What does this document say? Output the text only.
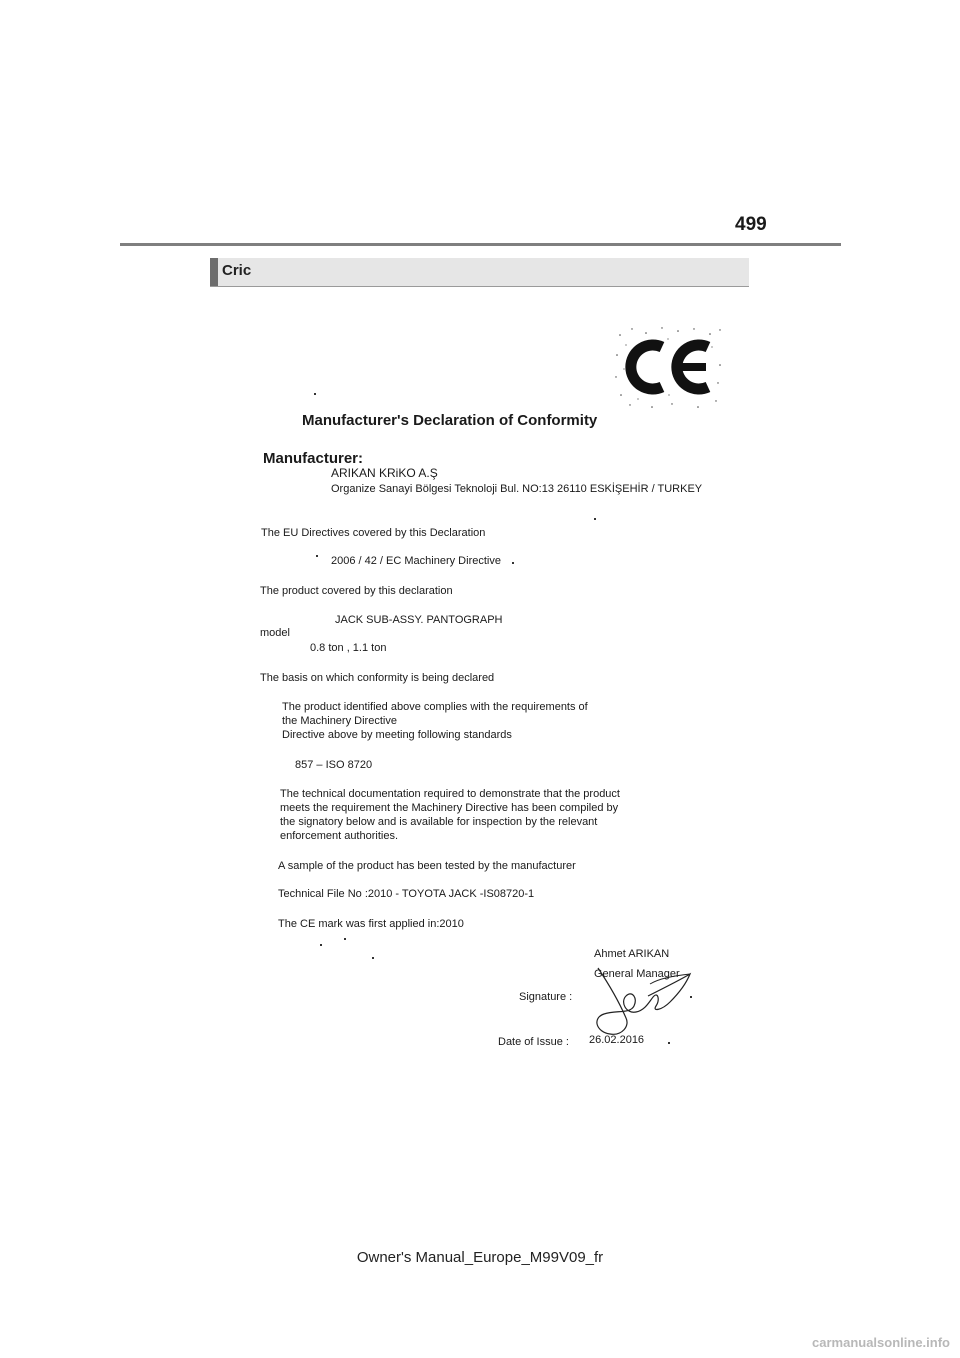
499
Cric
Manufacturer's Declaration of Conformity
Manufacturer:
ARIKAN KRiKO A.Ş
Organize Sanayi Bölgesi Teknoloji Bul. NO:13 26110 ESKİŞEHİR / TURKEY
The EU Directives covered by this Declaration
2006 / 42 / EC Machinery Directive
The product covered by this declaration
JACK SUB-ASSY. PANTOGRAPH
model
0.8 ton , 1.1 ton
The basis on which conformity is being declared
The product identified above complies with the requirements of
the Machinery Directive
Directive above by meeting following standards
857 – ISO 8720
The technical documentation required to demonstrate that the product
meets the requirement the Machinery Directive has been compiled by
the signatory below and is available for inspection by the relevant
enforcement authorities.
A sample of the product has been tested by the manufacturer
Technical File No :2010 - TOYOTA JACK -IS08720-1
The CE mark was first applied in:2010
Ahmet ARIKAN
General Manager
Signature :
Date of Issue : 26.02.2016
Owner's Manual_Europe_M99V09_fr
carmanualsonline.info
